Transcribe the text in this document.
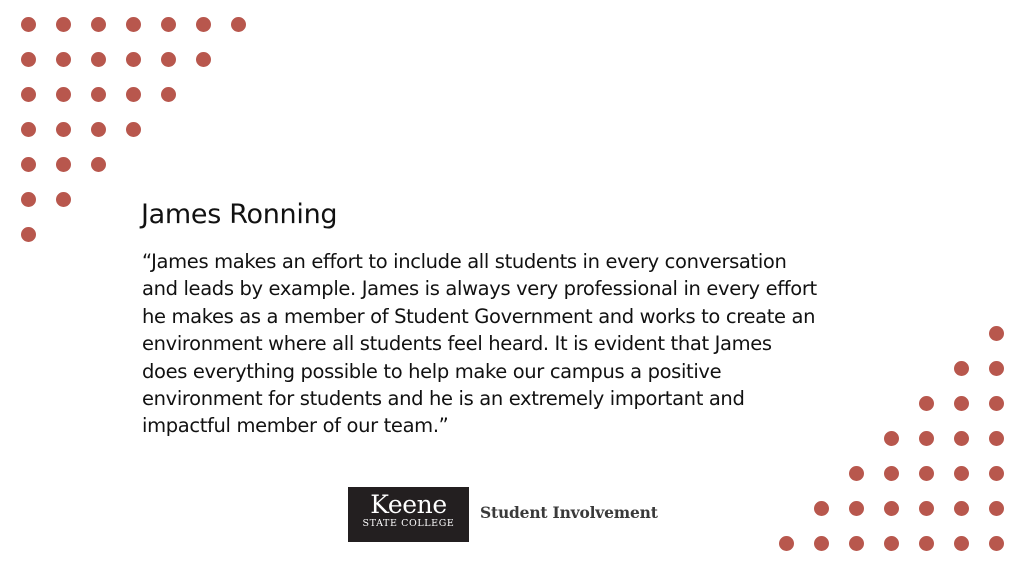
James Ronning

“James makes an effort to include all students in every conversation
and leads by example. James is always very professional in every effort
he makes as a member of Student Government and works to create an
environment where all students feel heard. It is evident that James
does everything possible to help make our campus a positive
environment for students and he is an extremely important and
impactful member of our team.”

Keene
STATE COLLEGE
Student Involvement
